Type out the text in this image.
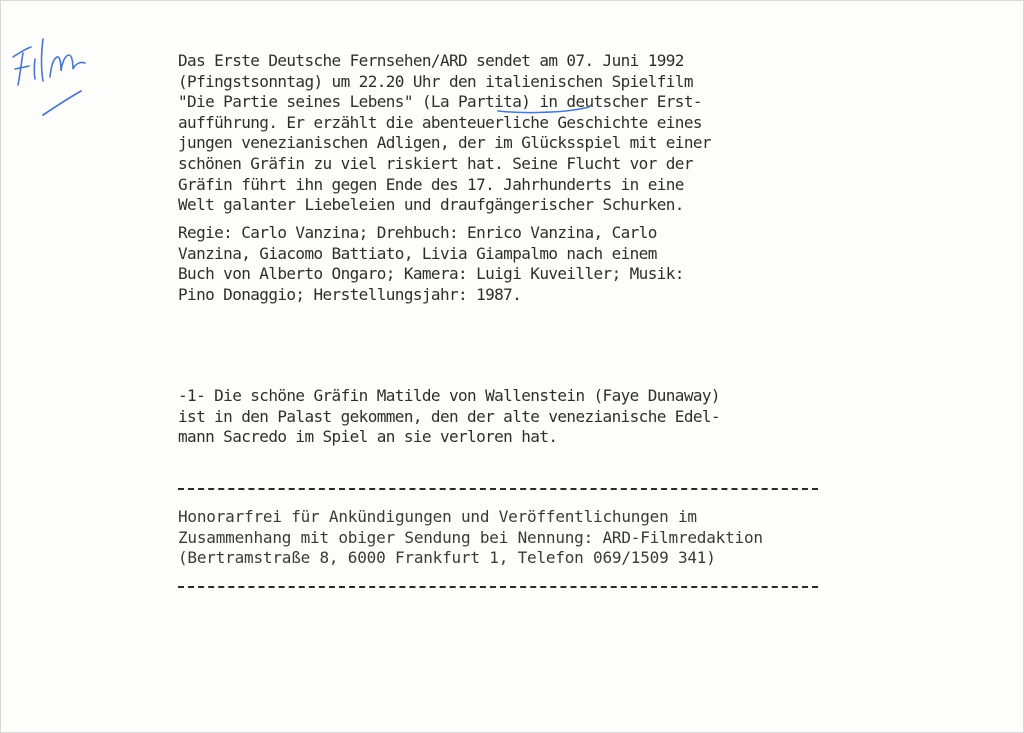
Das Erste Deutsche Fernsehen/ARD sendet am 07. Juni 1992

(Pfingstsonntag) um 22.20 Uhr den italienischen Spielfilm

"Die Partie seines Lebens" (La Partita) in deutscher Erst-

aufführung. Er erzählt die abenteuerliche Geschichte eines

jungen venezianischen Adligen, der im Glücksspiel mit einer

schönen Gräfin zu viel riskiert hat. Seine Flucht vor der

Gräfin führt ihn gegen Ende des 17. Jahrhunderts in eine

Welt galanter Liebeleien und draufgängerischer Schurken.

Regie: Carlo Vanzina; Drehbuch: Enrico Vanzina, Carlo

Vanzina, Giacomo Battiato, Livia Giampalmo nach einem

Buch von Alberto Ongaro; Kamera: Luigi Kuveiller; Musik:

Pino Donaggio; Herstellungsjahr: 1987.

-1- Die schöne Gräfin Matilde von Wallenstein (Faye Dunaway)

ist in den Palast gekommen, den der alte venezianische Edel-

mann Sacredo im Spiel an sie verloren hat.

Honorarfrei für Ankündigungen und Veröffentlichungen im

Zusammenhang mit obiger Sendung bei Nennung: ARD-Filmredaktion

(Bertramstraße 8, 6000 Frankfurt 1, Telefon 069/1509 341)
